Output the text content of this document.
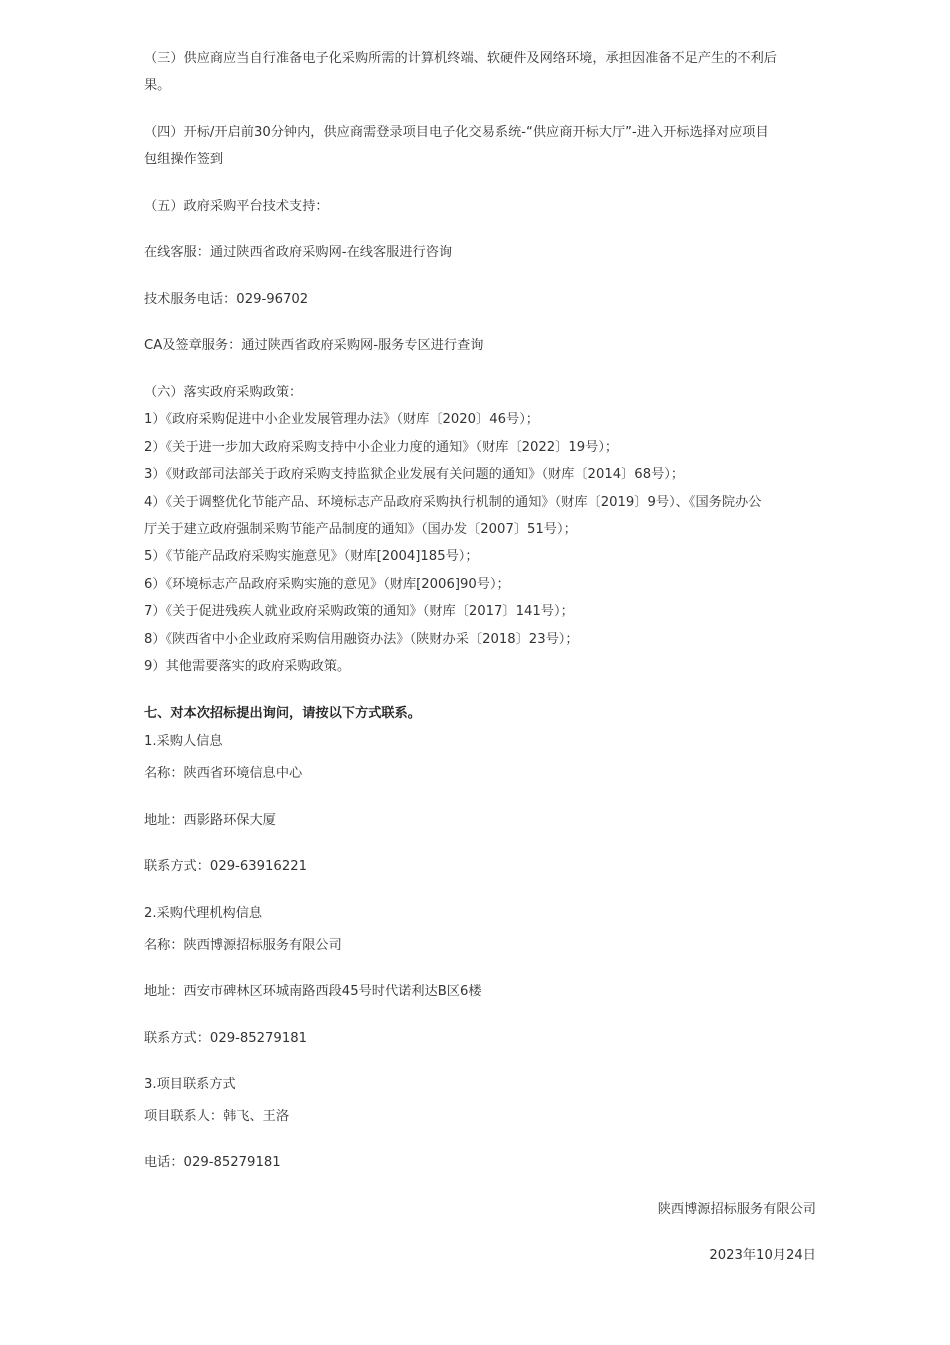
（三）供应商应当自行准备电子化采购所需的计算机终端、软硬件及网络环境，承担因准备不足产生的不利后
果。
（四）开标/开启前30分钟内，供应商需登录项目电子化交易系统-“供应商开标大厅”-进入开标选择对应项目
包组操作签到
（五）政府采购平台技术支持：
在线客服：通过陕西省政府采购网-在线客服进行咨询
技术服务电话：029-96702
CA及签章服务：通过陕西省政府采购网-服务专区进行查询
（六）落实政府采购政策：
1）《政府采购促进中小企业发展管理办法》（财库〔2020〕46号）；
2）《关于进一步加大政府采购支持中小企业力度的通知》（财库〔2022〕19号）；
3）《财政部司法部关于政府采购支持监狱企业发展有关问题的通知》（财库〔2014〕68号）；
4）《关于调整优化节能产品、环境标志产品政府采购执行机制的通知》（财库〔2019〕9号）、《国务院办公
厅关于建立政府强制采购节能产品制度的通知》（国办发〔2007〕51号）；
5）《节能产品政府采购实施意见》（财库[2004]185号）；
6）《环境标志产品政府采购实施的意见》（财库[2006]90号）；
7）《关于促进残疾人就业政府采购政策的通知》（财库〔2017〕141号）；
8）《陕西省中小企业政府采购信用融资办法》（陕财办采〔2018〕23号）；
9）其他需要落实的政府采购政策。
七、对本次招标提出询问，请按以下方式联系。
1.采购人信息
名称：陕西省环境信息中心
地址：西影路环保大厦
联系方式：029-63916221
2.采购代理机构信息
名称：陕西博源招标服务有限公司
地址：西安市碑林区环城南路西段45号时代诺利达B区6楼
联系方式：029-85279181
3.项目联系方式
项目联系人：韩飞、王洛
电话：029-85279181
陕西博源招标服务有限公司
2023年10月24日
